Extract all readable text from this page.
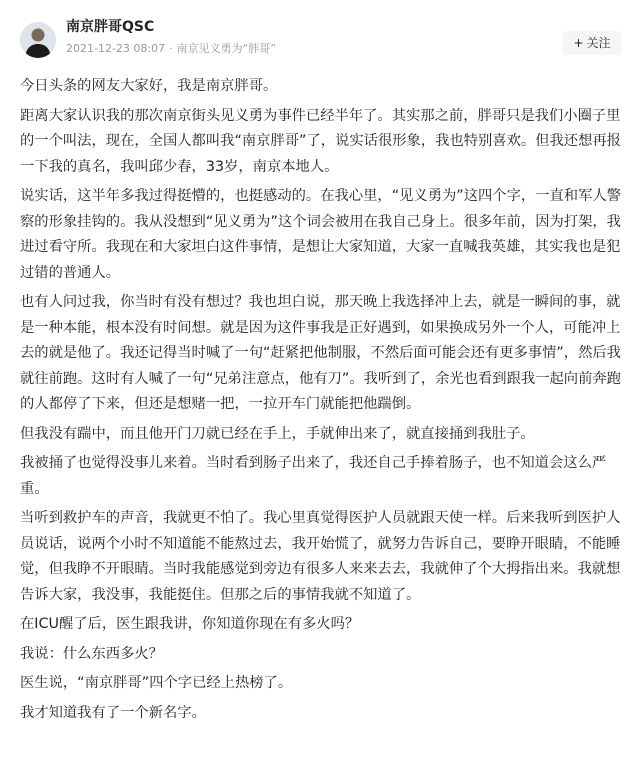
南京胖哥QSC
2021-12-23 08:07 · 南京见义勇为“胖哥”	+ 关注

今日头条的网友大家好，我是南京胖哥。

距离大家认识我的那次南京街头见义勇为事件已经半年了。其实那之前，胖哥只是我们小圈子里的一个叫法，现在，全国人都叫我“南京胖哥”了，说实话很形象，我也特别喜欢。但我还想再报一下我的真名，我叫邱少春，33岁，南京本地人。

说实话，这半年多我过得挺懵的，也挺感动的。在我心里，“见义勇为”这四个字，一直和军人警察的形象挂钩的。我从没想到“见义勇为”这个词会被用在我自己身上。很多年前，因为打架，我进过看守所。我现在和大家坦白这件事情，是想让大家知道，大家一直喊我英雄，其实我也是犯过错的普通人。

也有人问过我，你当时有没有想过？我也坦白说，那天晚上我选择冲上去，就是一瞬间的事，就是一种本能，根本没有时间想。就是因为这件事我是正好遇到，如果换成另外一个人，可能冲上去的就是他了。我还记得当时喊了一句“赶紧把他制服，不然后面可能会还有更多事情”，然后我就往前跑。这时有人喊了一句“兄弟注意点，他有刀”。我听到了，余光也看到跟我一起向前奔跑的人都停了下来，但还是想赌一把，一拉开车门就能把他踹倒。

但我没有踹中，而且他开门刀就已经在手上，手就伸出来了，就直接捅到我肚子。

我被捅了也觉得没事儿来着。当时看到肠子出来了，我还自己手捧着肠子，也不知道会这么严重。

当听到救护车的声音，我就更不怕了。我心里真觉得医护人员就跟天使一样。后来我听到医护人员说话，说两个小时不知道能不能熬过去，我开始慌了，就努力告诉自己，要睁开眼睛，不能睡觉，但我睁不开眼睛。当时我能感觉到旁边有很多人来来去去，我就伸了个大拇指出来。我就想告诉大家，我没事，我能挺住。但那之后的事情我就不知道了。

在ICU醒了后，医生跟我讲，你知道你现在有多火吗？

我说：什么东西多火？

医生说，“南京胖哥”四个字已经上热榜了。

我才知道我有了一个新名字。
